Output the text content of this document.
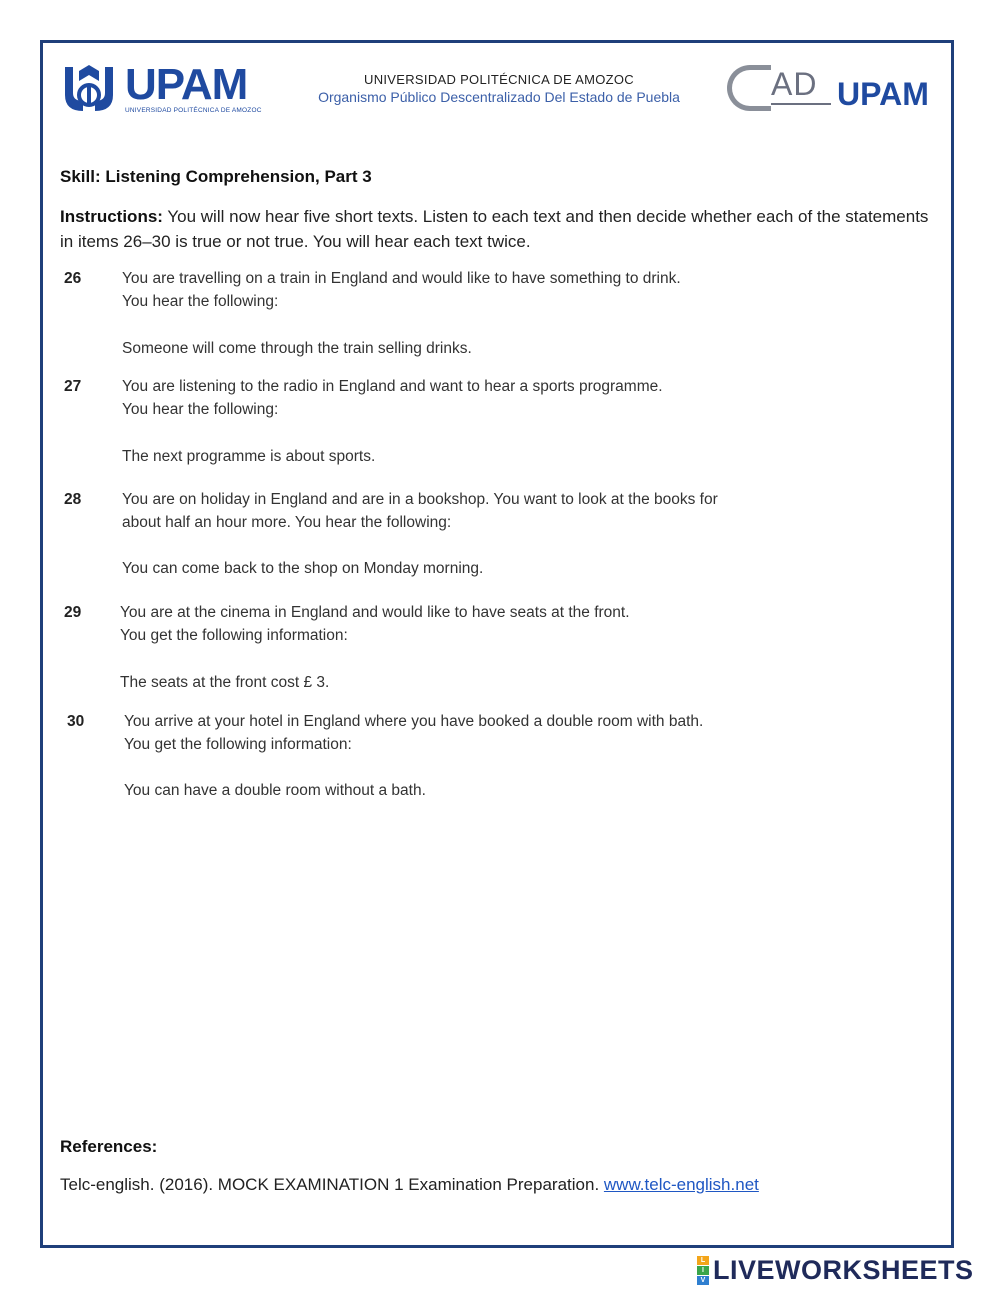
UPAM
UNIVERSIDAD POLITÉCNICA DE AMOZOC
UNIVERSIDAD POLITÉCNICA DE AMOZOC
Organismo Público Descentralizado Del Estado de Puebla	AD UPAM
Skill: Listening Comprehension, Part 3
Instructions: You will now hear five short texts. Listen to each text and then decide whether each of the statements in items 26–30 is true or not true. You will hear each text twice.
26	You are travelling on a train in England and would like to have something to drink.
You hear the following:
Someone will come through the train selling drinks.
27	You are listening to the radio in England and want to hear a sports programme.
You hear the following:
The next programme is about sports.
28	You are on holiday in England and are in a bookshop. You want to look at the books for
about half an hour more. You hear the following:
You can come back to the shop on Monday morning.
29	You are at the cinema in England and would like to have seats at the front.
You get the following information:
The seats at the front cost £ 3.
30	You arrive at your hotel in England where you have booked a double room with bath.
You get the following information:
You can have a double room without a bath.
References:
Telc-english. (2016). MOCK EXAMINATION 1 Examination Preparation. www.telc-english.net
L
I
V LIVEWORKSHEETS
